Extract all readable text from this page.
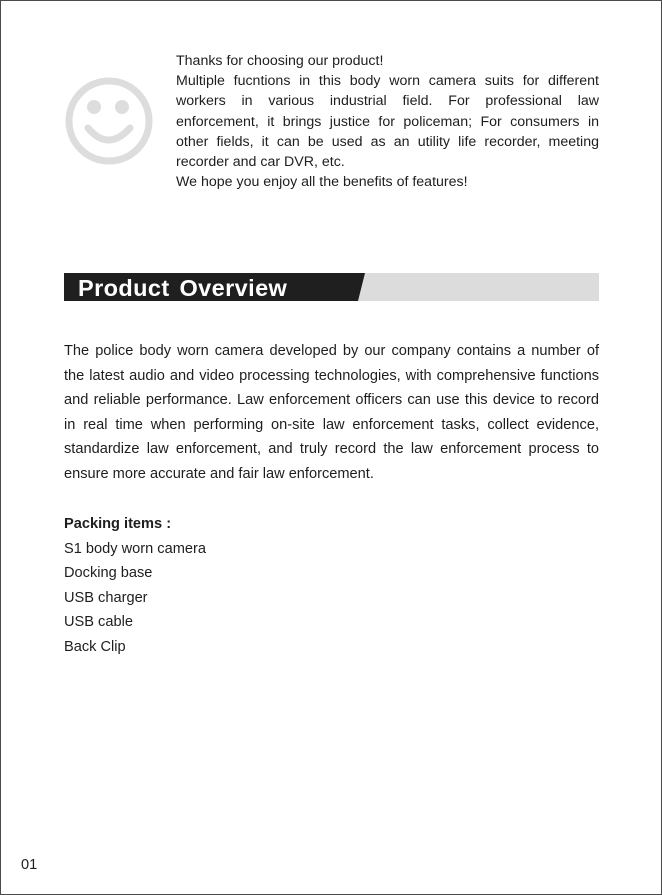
Thanks for choosing our product!

Multiple fucntions in this body worn camera suits for different workers in various industrial field. For professional law enforcement, it brings justice for policeman; For consumers in other fields, it can be used as an utility life recorder, meeting recorder and car DVR, etc.

We hope you enjoy all the benefits of features!

Product Overview

The police body worn camera developed by our company contains a number of the latest audio and video processing technologies, with comprehensive functions and reliable performance. Law enforcement officers can use this device to record in real time when performing on-site law enforcement tasks, collect evidence, standardize law enforcement, and truly record the law enforcement process to ensure more accurate and fair law enforcement.

Packing items :

S1 body worn camera
Docking base
USB charger
USB cable
Back Clip
01
